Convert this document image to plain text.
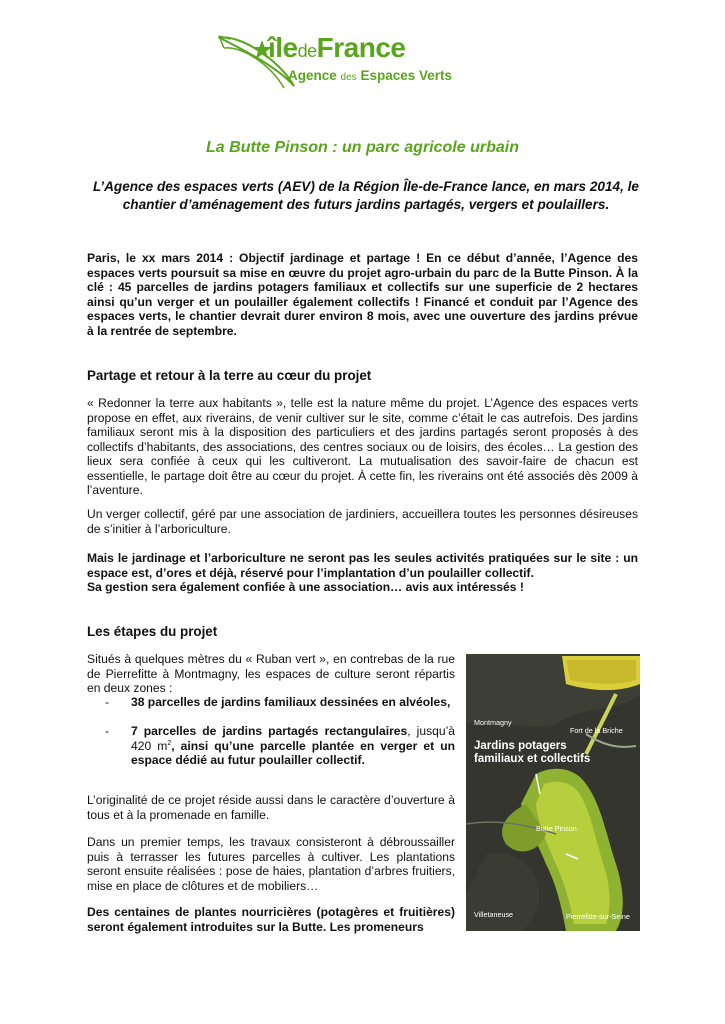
îledeFrance
Agence des Espaces Verts
La Butte Pinson : un parc agricole urbain
L’Agence des espaces verts (AEV) de la Région Île-de-France lance, en mars 2014, le chantier d’aménagement des futurs jardins partagés, vergers et poulaillers.
Paris, le xx mars 2014 : Objectif jardinage et partage ! En ce début d’année, l’Agence des espaces verts poursuit sa mise en œuvre du projet agro-urbain du parc de la Butte Pinson. À la clé : 45 parcelles de jardins potagers familiaux et collectifs sur une superficie de 2 hectares ainsi qu’un verger et un poulailler également collectifs ! Financé et conduit par l’Agence des espaces verts, le chantier devrait durer environ 8 mois, avec une ouverture des jardins prévue à la rentrée de septembre.
Partage et retour à la terre au cœur du projet
« Redonner la terre aux habitants », telle est la nature même du projet. L’Agence des espaces verts propose en effet, aux riverains, de venir cultiver sur le site, comme c’était le cas autrefois. Des jardins familiaux seront mis à la disposition des particuliers et des jardins partagés seront proposés à des collectifs d’habitants, des associations, des centres sociaux ou de loisirs, des écoles… La gestion des lieux sera confiée à ceux qui les cultiveront. La mutualisation des savoir-faire de chacun est essentielle, le partage doit être au cœur du projet. À cette fin, les riverains ont été associés dès 2009 à l’aventure.
Un verger collectif, géré par une association de jardiniers, accueillera toutes les personnes désireuses de s’initier à l’arboriculture.
Mais le jardinage et l’arboriculture ne seront pas les seules activités pratiquées sur le site : un espace est, d’ores et déjà, réservé pour l’implantation d’un poulailler collectif.
Sa gestion sera également confiée à une association… avis aux intéressés !
Les étapes du projet
Situés à quelques mètres du « Ruban vert », en contrebas de la rue de Pierrefitte à Montmagny, les espaces de culture seront répartis en deux zones :
- 38 parcelles de jardins familiaux dessinées en alvéoles,
- 7 parcelles de jardins partagés rectangulaires, jusqu’à 420 $m^2$, ainsi qu’une parcelle plantée en verger et un espace dédié au futur poulailler collectif.
L’originalité de ce projet réside aussi dans le caractère d’ouverture à tous et à la promenade en famille.
Dans un premier temps, les travaux consisteront à débroussailler puis à terrasser les futures parcelles à cultiver. Les plantations seront ensuite réalisées : pose de haies, plantation d’arbres fruitiers, mise en place de clôtures et de mobiliers…
Des centaines de plantes nourricières (potagères et fruitières) seront également introduites sur la Butte. Les promeneurs
Montmagny
Fort de la Briche
Jardins potagers
familiaux et collectifs
Butte Pinson
Villetaneuse	Pierrefitte-sur-Seine
